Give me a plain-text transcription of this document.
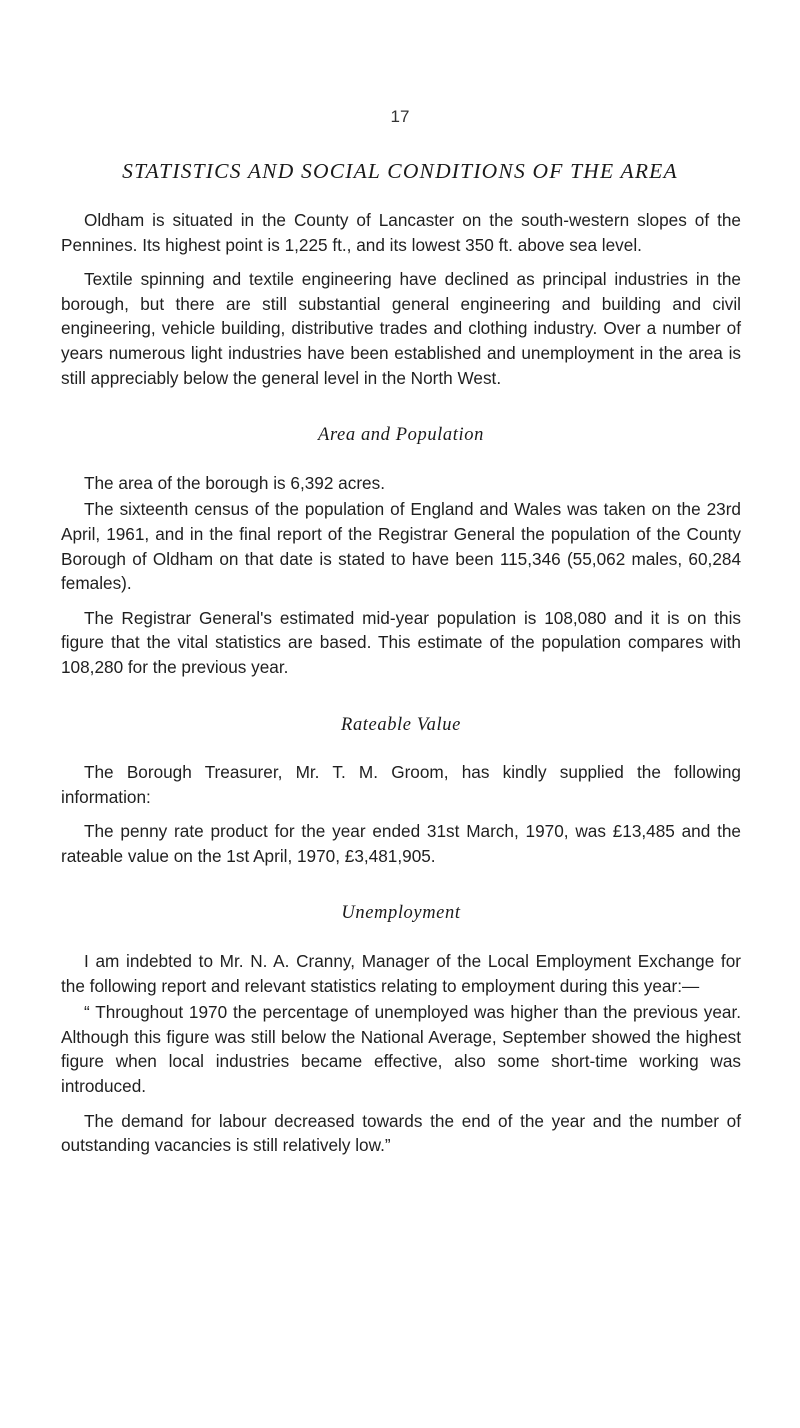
17
STATISTICS AND SOCIAL CONDITIONS OF THE AREA

Oldham is situated in the County of Lancaster on the south-western slopes of the Pennines. Its highest point is 1,225 ft., and its lowest 350 ft. above sea level.

Textile spinning and textile engineering have declined as principal industries in the borough, but there are still substantial general engineering and building and civil engineering, vehicle building, distributive trades and clothing industry. Over a number of years numerous light industries have been established and unemployment in the area is still appreciably below the general level in the North West.

Area and Population

The area of the borough is 6,392 acres.

The sixteenth census of the population of England and Wales was taken on the 23rd April, 1961, and in the final report of the Registrar General the population of the County Borough of Oldham on that date is stated to have been 115,346 (55,062 males, 60,284 females).

The Registrar General's estimated mid-year population is 108,080 and it is on this figure that the vital statistics are based. This estimate of the population compares with 108,280 for the previous year.

Rateable Value

The Borough Treasurer, Mr. T. M. Groom, has kindly supplied the following information:

The penny rate product for the year ended 31st March, 1970, was £13,485 and the rateable value on the 1st April, 1970, £3,481,905.

Unemployment

I am indebted to Mr. N. A. Cranny, Manager of the Local Employment Exchange for the following report and relevant statistics relating to employment during this year:—

“ Throughout 1970 the percentage of unemployed was higher than the previous year. Although this figure was still below the National Average, September showed the highest figure when local industries became effective, also some short-time working was introduced.

The demand for labour decreased towards the end of the year and the number of outstanding vacancies is still relatively low.”
